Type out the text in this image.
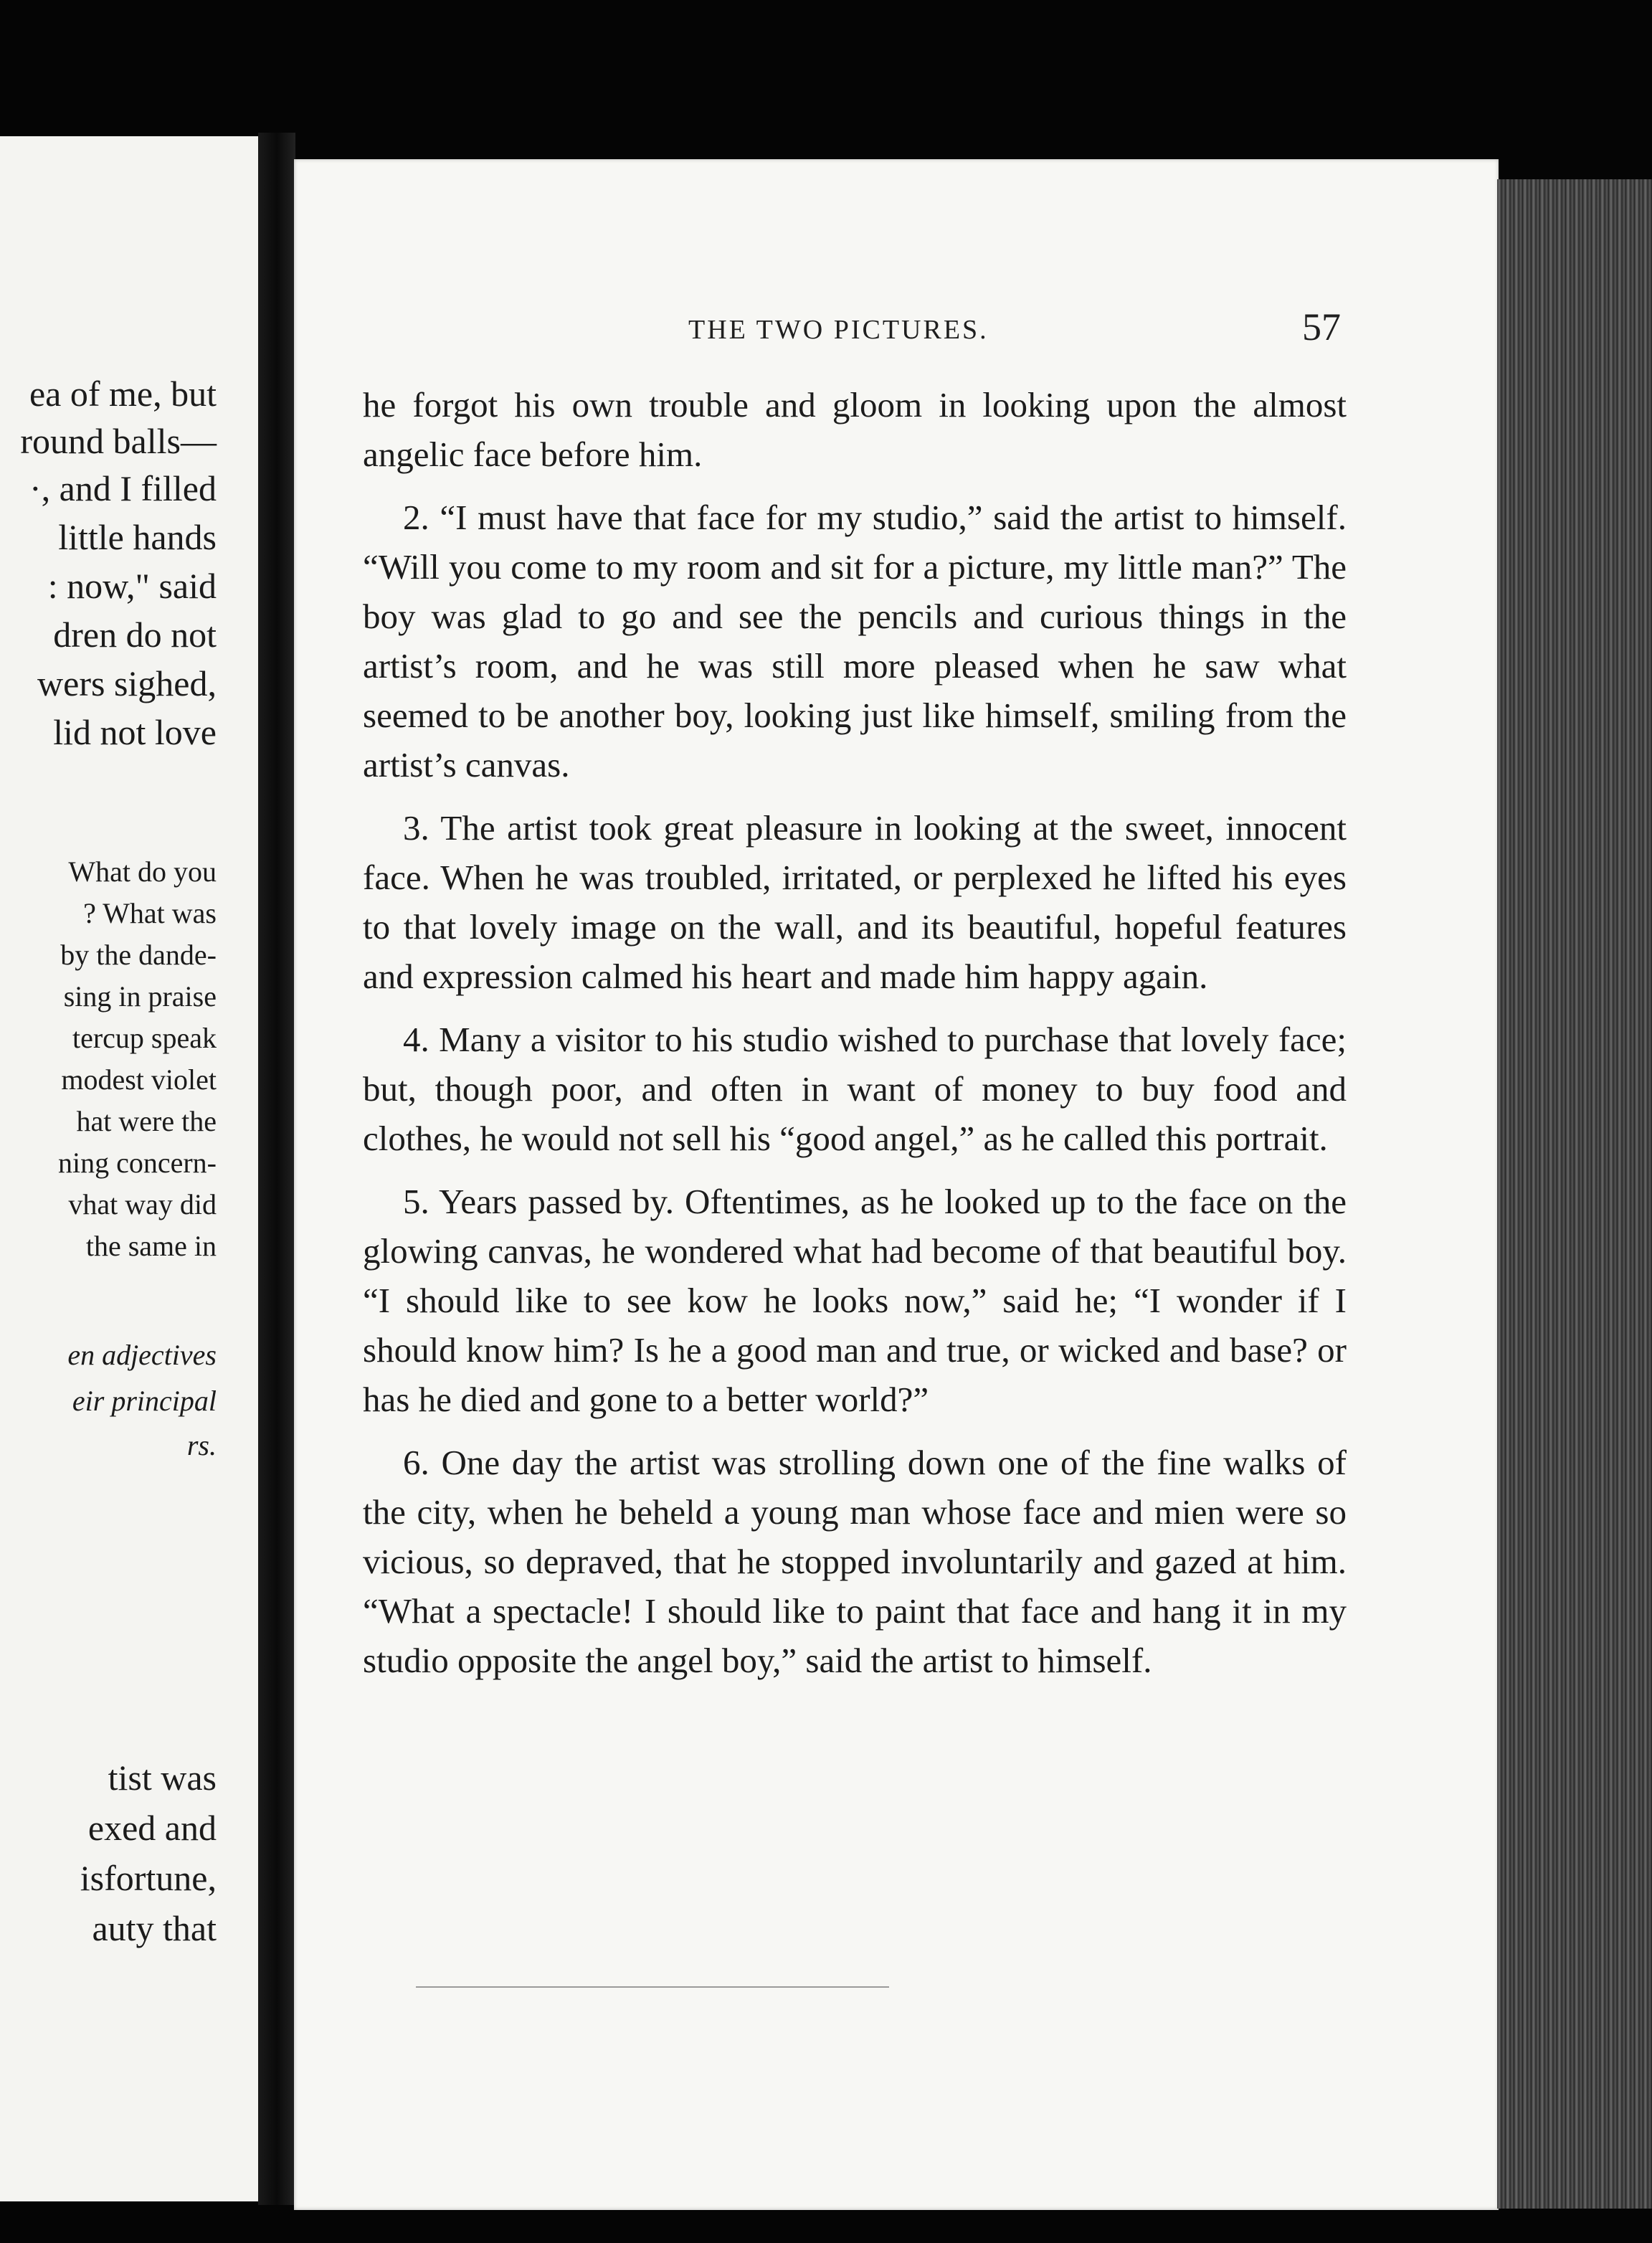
ea of me, but
round balls—
·, and I filled
little hands
: now," said
dren do not
wers sighed,
lid not love
What do you
? What was
by the dande-
sing in praise
tercup speak
modest violet
hat were the
ning concern-
vhat way did
the same in
en adjectives
eir principal
rs.
tist was
exed and
isfortune,
auty that
THE TWO PICTURES.	57

he forgot his own trouble and gloom in looking upon the almost angelic face before him.

2. “I must have that face for my studio,” said the artist to himself. “Will you come to my room and sit for a picture, my little man?” The boy was glad to go and see the pencils and curious things in the artist’s room, and he was still more pleased when he saw what seemed to be another boy, looking just like himself, smiling from the artist’s canvas.

3. The artist took great pleasure in looking at the sweet, innocent face. When he was troubled, irritated, or perplexed he lifted his eyes to that lovely image on the wall, and its beautiful, hopeful features and expression calmed his heart and made him happy again.

4. Many a visitor to his studio wished to purchase that lovely face; but, though poor, and often in want of money to buy food and clothes, he would not sell his “good angel,” as he called this portrait.

5. Years passed by. Oftentimes, as he looked up to the face on the glowing canvas, he wondered what had become of that beautiful boy. “I should like to see kow he looks now,” said he; “I wonder if I should know him? Is he a good man and true, or wicked and base? or has he died and gone to a better world?”

6. One day the artist was strolling down one of the fine walks of the city, when he beheld a young man whose face and mien were so vicious, so depraved, that he stopped involuntarily and gazed at him. “What a spectacle! I should like to paint that face and hang it in my studio opposite the angel boy,” said the artist to himself.
